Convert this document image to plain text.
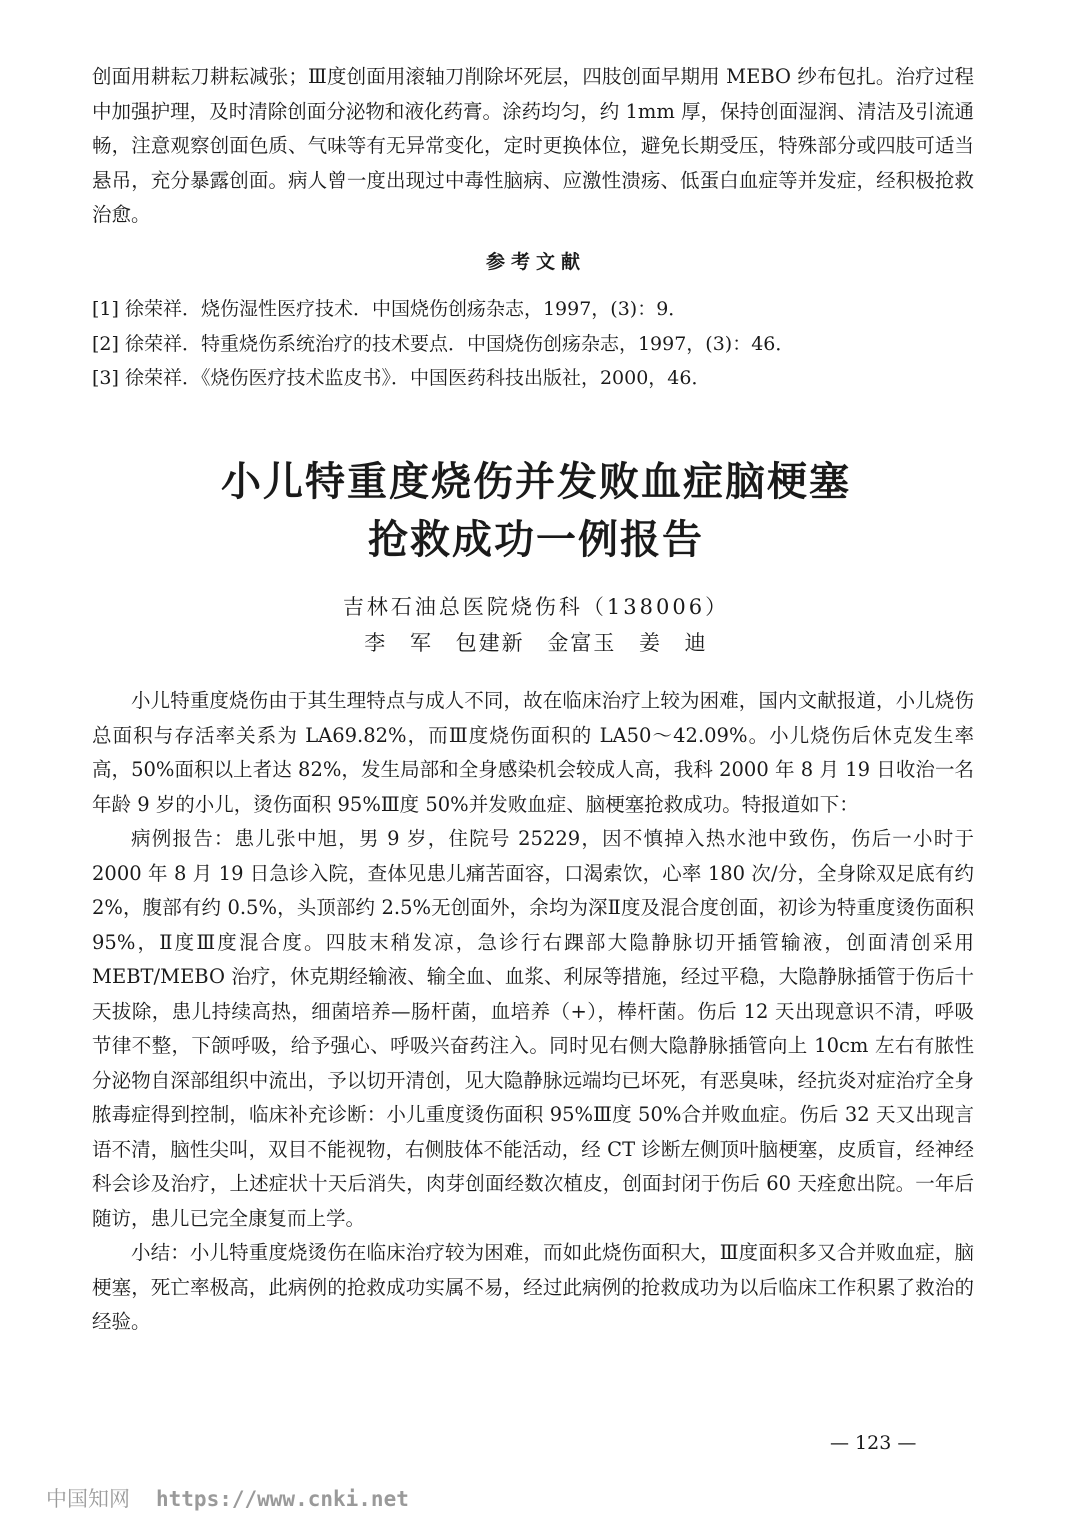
创面用耕耘刀耕耘减张；Ⅲ度创面用滚轴刀削除坏死层，四肢创面早期用 MEBO 纱布包扎。治疗过程中加强护理，及时清除创面分泌物和液化药膏。涂药均匀，约 1mm 厚，保持创面湿润、清洁及引流通畅，注意观察创面色质、气味等有无异常变化，定时更换体位，避免长期受压，特殊部分或四肢可适当悬吊，充分暴露创面。病人曾一度出现过中毒性脑病、应激性溃疡、低蛋白血症等并发症，经积极抢救治愈。

参考文献

[1] 徐荣祥．烧伤湿性医疗技术．中国烧伤创疡杂志，1997，(3)：9．

[2] 徐荣祥．特重烧伤系统治疗的技术要点．中国烧伤创疡杂志，1997，(3)：46．

[3] 徐荣祥．《烧伤医疗技术监皮书》．中国医药科技出版社，2000，46．

小儿特重度烧伤并发败血症脑梗塞
抢救成功一例报告

吉林石油总医院烧伤科（138006）

李 军 包建新 金富玉 姜 迪

小儿特重度烧伤由于其生理特点与成人不同，故在临床治疗上较为困难，国内文献报道，小儿烧伤总面积与存活率关系为 LA69.82%，而Ⅲ度烧伤面积的 LA50～42.09%。小儿烧伤后休克发生率高，50%面积以上者达 82%，发生局部和全身感染机会较成人高，我科 2000 年 8 月 19 日收治一名年龄 9 岁的小儿，烫伤面积 95%Ⅲ度 50%并发败血症、脑梗塞抢救成功。特报道如下：

病例报告：患儿张中旭，男 9 岁，住院号 25229，因不慎掉入热水池中致伤，伤后一小时于 2000 年 8 月 19 日急诊入院，查体见患儿痛苦面容，口渴索饮，心率 180 次/分，全身除双足底有约 2%，腹部有约 0.5%，头顶部约 2.5%无创面外，余均为深Ⅱ度及混合度创面，初诊为特重度烫伤面积 95%，Ⅱ度Ⅲ度混合度。四肢末稍发凉，急诊行右踝部大隐静脉切开插管输液，创面清创采用 MEBT/MEBO 治疗，休克期经输液、输全血、血浆、利尿等措施，经过平稳，大隐静脉插管于伤后十天拔除，患儿持续高热，细菌培养—肠杆菌，血培养（+），棒杆菌。伤后 12 天出现意识不清，呼吸节律不整，下颌呼吸，给予强心、呼吸兴奋药注入。同时见右侧大隐静脉插管向上 10cm 左右有脓性分泌物自深部组织中流出，予以切开清创，见大隐静脉远端均已坏死，有恶臭味，经抗炎对症治疗全身脓毒症得到控制，临床补充诊断：小儿重度烫伤面积 95%Ⅲ度 50%合并败血症。伤后 32 天又出现言语不清，脑性尖叫，双目不能视物，右侧肢体不能活动，经 CT 诊断左侧顶叶脑梗塞，皮质盲，经神经科会诊及治疗，上述症状十天后消失，肉芽创面经数次植皮，创面封闭于伤后 60 天痊愈出院。一年后随访，患儿已完全康复而上学。

小结：小儿特重度烧烫伤在临床治疗较为困难，而如此烧伤面积大，Ⅲ度面积多又合并败血症，脑梗塞，死亡率极高，此病例的抢救成功实属不易，经过此病例的抢救成功为以后临床工作积累了救治的经验。

— 123 —
中国知网 https://www.cnki.net
